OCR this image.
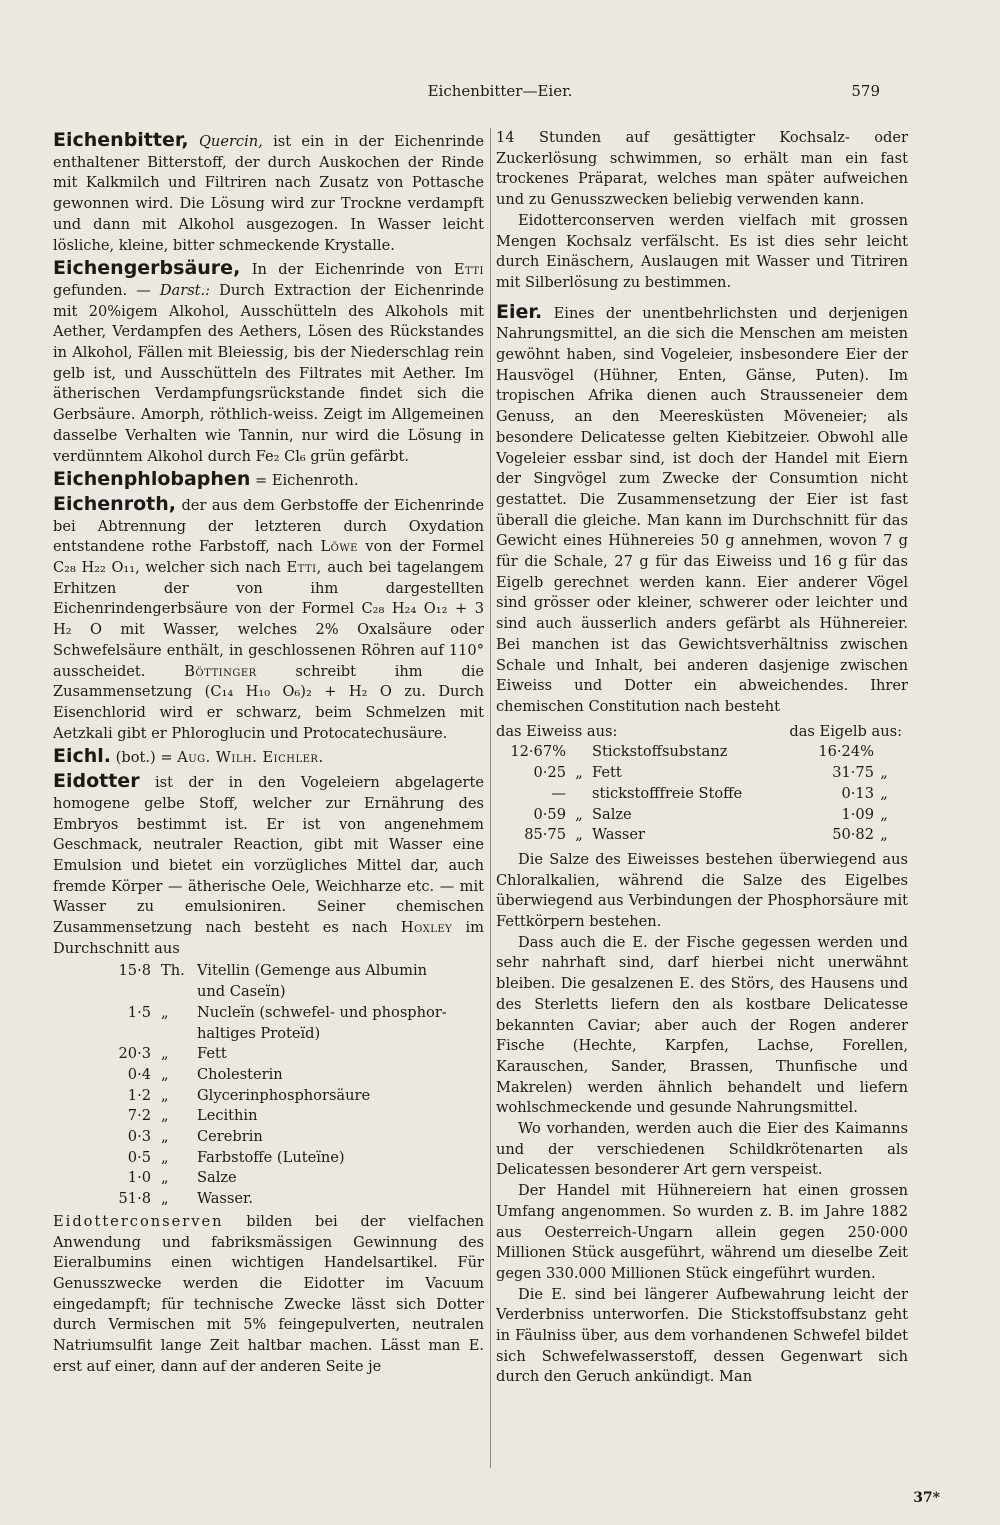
Eichenbitter—Eier.	579

Eichenbitter, Quercin, ist ein in der Eichenrinde enthaltener Bitterstoff, der durch Auskochen der Rinde mit Kalkmilch und Filtriren nach Zusatz von Pottasche gewonnen wird. Die Lösung wird zur Trockne verdampft und dann mit Alkohol ausgezogen. In Wasser leicht lösliche, kleine, bitter schmeckende Krystalle.

Eichengerbsäure, In der Eichenrinde von Etti gefunden. — Darst.: Durch Extraction der Eichenrinde mit 20%igem Alkohol, Ausschütteln des Alkohols mit Aether, Verdampfen des Aethers, Lösen des Rückstandes in Alkohol, Fällen mit Bleiessig, bis der Niederschlag rein gelb ist, und Ausschütteln des Filtrates mit Aether. Im ätherischen Verdampfungsrückstande findet sich die Gerbsäure. Amorph, röthlich-weiss. Zeigt im Allgemeinen dasselbe Verhalten wie Tannin, nur wird die Lösung in verdünntem Alkohol durch Fe₂ Cl₆ grün gefärbt.

Eichenphlobaphen = Eichenroth.

Eichenroth, der aus dem Gerbstoffe der Eichenrinde bei Abtrennung der letzteren durch Oxydation entstandene rothe Farbstoff, nach Löwe von der Formel C₂₈ H₂₂ O₁₁, welcher sich nach Etti, auch bei tagelangem Erhitzen der von ihm dargestellten Eichenrindengerbsäure von der Formel C₂₈ H₂₄ O₁₂ + 3 H₂ O mit Wasser, welches 2% Oxalsäure oder Schwefelsäure enthält, in geschlossenen Röhren auf 110° ausscheidet.	Böttinger	schreibt ihm die Zusammensetzung (C₁₄ H₁₀ O₆)₂ + H₂ O zu. Durch Eisenchlorid wird er schwarz, beim Schmelzen mit Aetzkali gibt er Phloroglucin und Protocatechusäure.

Eichl. (bot.) = Aug. Wilh. Eichler.

Eidotter ist der in den Vogeleiern abgelagerte homogene gelbe Stoff, welcher zur Ernährung des Embryos bestimmt ist. Er ist von angenehmem Geschmack, neutraler Reaction, gibt mit Wasser eine Emulsion und bietet ein vorzügliches Mittel dar, auch fremde Körper — ätherische Oele, Weichharze etc. — mit Wasser zu emulsioniren. Seiner chemischen Zusammensetzung nach besteht es nach Hoxley im Durchschnitt aus

15·8 Th. Vitellin (Gemenge aus Albumin
und Caseïn)
1·5 „	Nucleïn (schwefel- und phosphor-
haltiges Proteïd)
20·3 „	Fett
0·4 „	Cholesterin
1·2 „	Glycerinphosphorsäure
7·2 „	Lecithin
0·3 „	Cerebrin
0·5 „	Farbstoffe (Luteïne)
1·0 „	Salze
51·8 „	Wasser.

Eidotterconserven bilden bei der vielfachen Anwendung und fabriksmässigen Gewinnung des Eieralbumins einen wichtigen Handelsartikel. Für Genusszwecke werden die Eidotter im Vacuum eingedampft; für technische Zwecke lässt sich Dotter durch Vermischen mit 5% feingepulverten, neutralen Natriumsulfit lange Zeit haltbar machen. Lässt man E. erst auf einer, dann auf der anderen Seite je

14 Stunden auf gesättigter Kochsalz- oder Zuckerlösung schwimmen, so erhält man ein fast trockenes Präparat, welches man später aufweichen und zu Genusszwecken beliebig verwenden kann.

Eidotterconserven werden vielfach mit grossen Mengen Kochsalz verfälscht. Es ist dies sehr leicht durch Einäschern, Auslaugen mit Wasser und Titriren mit Silberlösung zu bestimmen.

Eier. Eines der unentbehrlichsten und derjenigen Nahrungsmittel, an die sich die Menschen am meisten gewöhnt haben, sind Vogeleier, insbesondere Eier der Hausvögel (Hühner, Enten, Gänse, Puten). Im tropischen Afrika dienen auch Straussenеier dem Genuss, an den Meeresküsten Möveneier; als besondere Delicatesse gelten Kiebitzeier. Obwohl alle Vogeleier essbar sind, ist doch der Handel mit Eiern der Singvögel zum Zwecke der Consumtion nicht gestattet. Die Zusammensetzung der Eier ist fast überall die gleiche. Man kann im Durchschnitt für das Gewicht eines Hühnereies 50 g annehmen, wovon 7 g für die Schale, 27 g für das Eiweiss und 16 g für das Eigelb gerechnet werden kann. Eier anderer Vögel sind grösser oder kleiner, schwerer oder leichter und sind auch äusserlich anders gefärbt als Hühnereier. Bei manchen ist das Gewichtsverhältniss zwischen Schale und Inhalt, bei anderen dasjenige zwischen Eiweiss und Dotter ein abweichendes. Ihrer chemischen Constitution nach besteht

das Eiweiss aus:	das Eigelb aus:
12·67% Stickstoffsubstanz	16·24%
0·25 „ Fett	31·75 „
— stickstofffreie Stoffe	0·13 „
0·59 „ Salze	1·09 „
85·75 „ Wasser	50·82 „

Die Salze des Eiweisses bestehen überwiegend aus Chloralkalien, während die Salze des Eigelbes überwiegend aus Verbindungen der Phosphorsäure mit Fettkörpern bestehen.

Dass auch die E. der Fische gegessen werden und sehr nahrhaft sind, darf hierbei nicht unerwähnt bleiben. Die gesalzenen E. des Störs, des Hausens und des Sterletts liefern den als kostbare Delicatesse bekannten Caviar; aber auch der Rogen anderer Fische (Hechte, Karpfen, Lachse, Forellen, Karauschen, Sander, Brassen, Thunfische und Makrelen) werden ähnlich behandelt und liefern wohlschmeckende und gesunde Nahrungsmittel.

Wo vorhanden, werden auch die Eier des Kaimanns und der verschiedenen Schildkrötenarten als Delicatessen besonderer Art gern verspeist.

Der Handel mit Hühnereiern hat einen grossen Umfang angenommen. So wurden z. B. im Jahre 1882 aus Oesterreich-Ungarn allein gegen 250·000 Millionen Stück ausgeführt, während um dieselbe Zeit gegen 330.000 Millionen Stück eingeführt wurden.

Die E. sind bei längerer Aufbewahrung leicht der Verderbniss unterworfen. Die Stickstoffsubstanz geht in Fäulniss über, aus dem vorhandenen Schwefel bildet sich Schwefelwasserstoff, dessen Gegenwart sich durch den Geruch ankündigt. Man

37*
